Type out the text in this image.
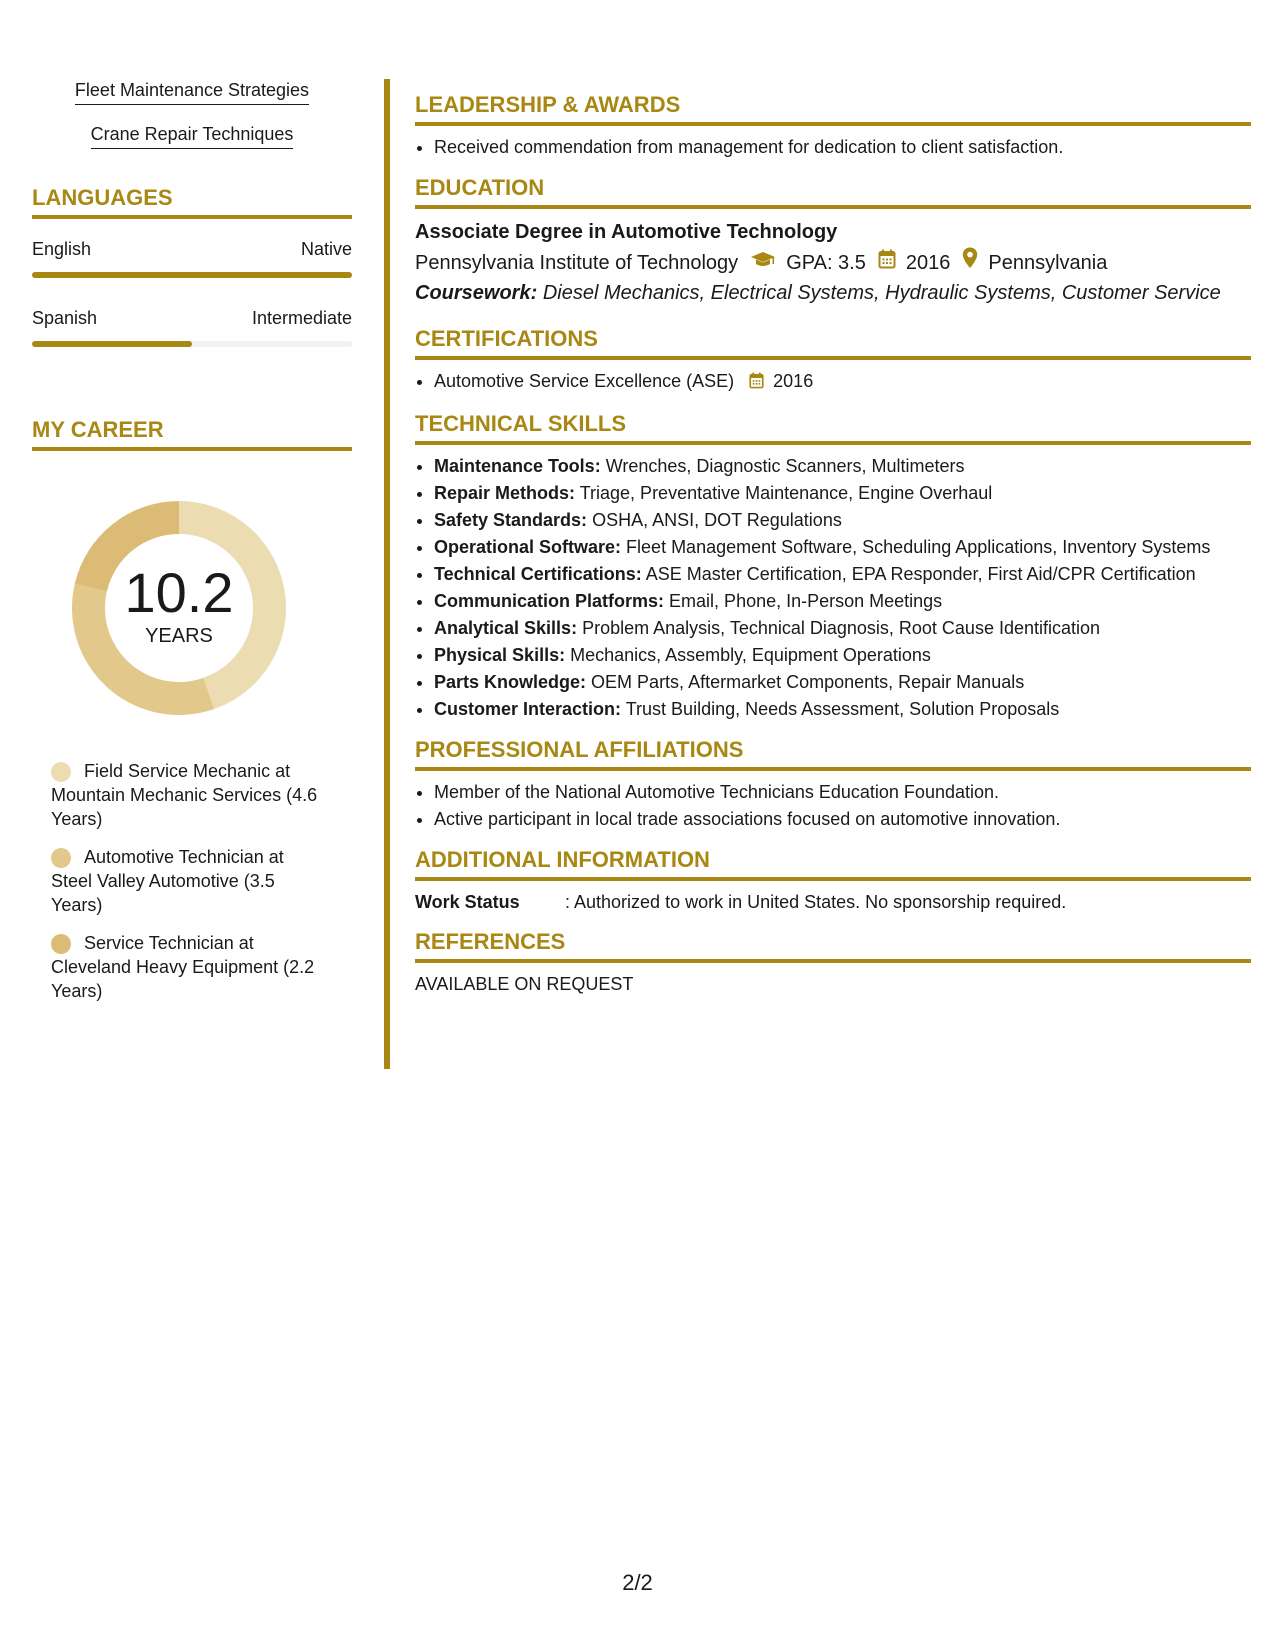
Fleet Maintenance Strategies
Crane Repair Techniques
LANGUAGES
English	Native
Spanish	Intermediate
MY CAREER
10.2
YEARS
Field Service Mechanic at Mountain Mechanic Services (4.6 Years)
Automotive Technician at Steel Valley Automotive (3.5 Years)
Service Technician at Cleveland Heavy Equipment (2.2 Years)
LEADERSHIP & AWARDS
• Received commendation from management for dedication to client satisfaction.
EDUCATION
Associate Degree in Automotive Technology
Pennsylvania Institute of Technology GPA: 3.5 2016 Pennsylvania
Coursework: Diesel Mechanics, Electrical Systems, Hydraulic Systems, Customer Service
CERTIFICATIONS
• Automotive Service Excellence (ASE) 2016
TECHNICAL SKILLS
• Maintenance Tools: Wrenches, Diagnostic Scanners, Multimeters
• Repair Methods: Triage, Preventative Maintenance, Engine Overhaul
• Safety Standards: OSHA, ANSI, DOT Regulations
• Operational Software: Fleet Management Software, Scheduling Applications, Inventory Systems
• Technical Certifications: ASE Master Certification, EPA Responder, First Aid/CPR Certification
• Communication Platforms: Email, Phone, In-Person Meetings
• Analytical Skills: Problem Analysis, Technical Diagnosis, Root Cause Identification
• Physical Skills: Mechanics, Assembly, Equipment Operations
• Parts Knowledge: OEM Parts, Aftermarket Components, Repair Manuals
• Customer Interaction: Trust Building, Needs Assessment, Solution Proposals
PROFESSIONAL AFFILIATIONS
• Member of the National Automotive Technicians Education Foundation.
• Active participant in local trade associations focused on automotive innovation.
ADDITIONAL INFORMATION
Work Status	: Authorized to work in United States. No sponsorship required.
REFERENCES
AVAILABLE ON REQUEST
2/2
